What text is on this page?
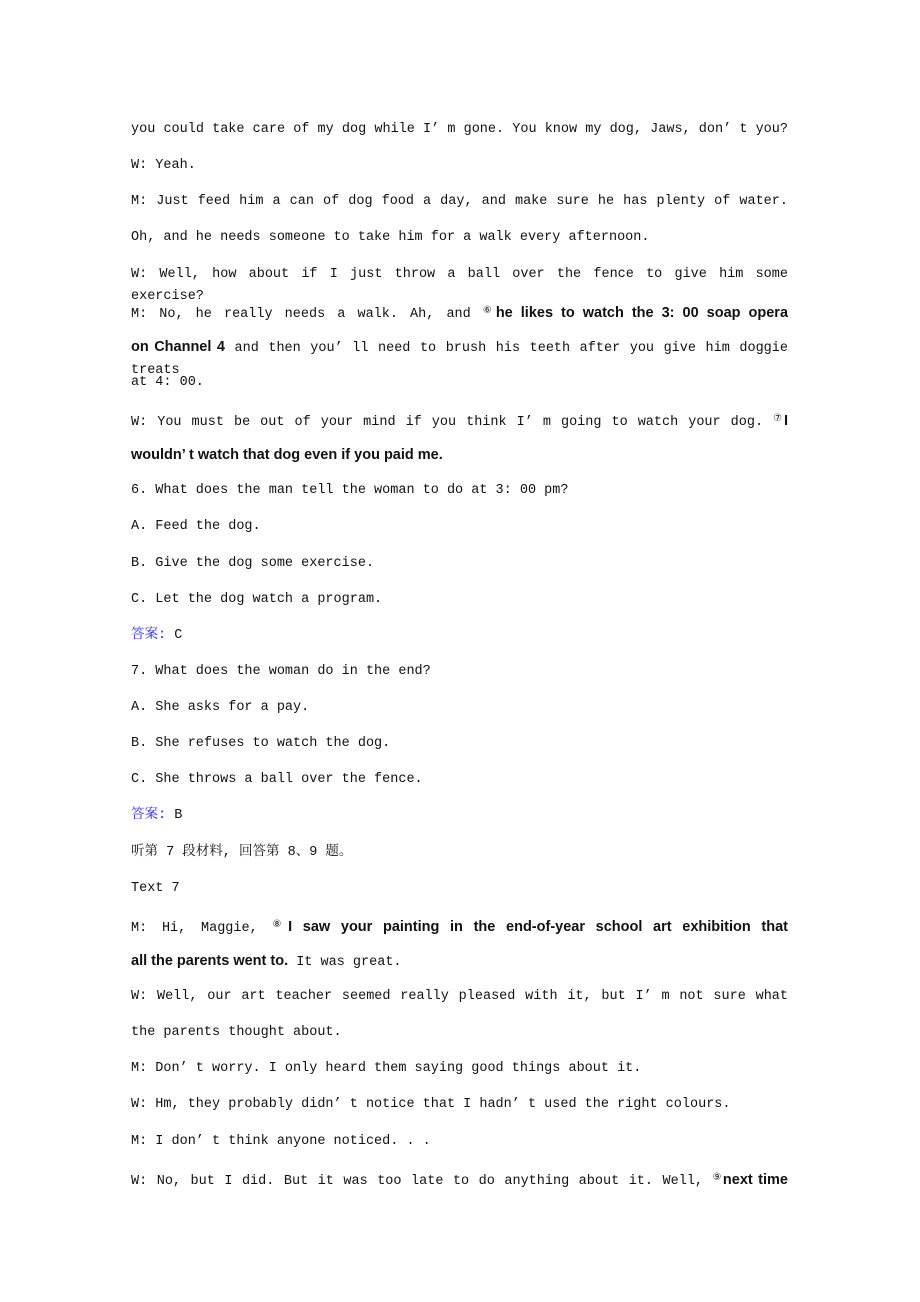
you could take care of my dog while I’ m gone. You know my dog, Jaws, don’ t you?
W: Yeah.
M: Just feed him a can of dog food a day, and make sure he has plenty of water.
Oh, and he needs someone to take him for a walk every afternoon.
W: Well, how about if I just throw a ball over the fence to give him some exercise?
M: No, he really needs a walk. Ah, and ⑥he likes to watch the 3: 00 soap opera
on Channel 4 and then you’ ll need to brush his teeth after you give him doggie treats
at 4: 00.
W: You must be out of your mind if you think I’ m going to watch your dog. ⑦I
wouldn’ t watch that dog even if you paid me.
6. What does the man tell the woman to do at 3: 00 pm?
A. Feed the dog.
B. Give the dog some exercise.
C. Let the dog watch a program.
答案: C
7. What does the woman do in the end?
A. She asks for a pay.
B. She refuses to watch the dog.
C. She throws a ball over the fence.
答案: B
听第 7 段材料, 回答第 8、9 题。
Text 7
M: Hi, Maggie, ⑧I saw your painting in the end-of-year school art exhibition that
all the parents went to. It was great.
W: Well, our art teacher seemed really pleased with it, but I’ m not sure what
the parents thought about.
M: Don’ t worry. I only heard them saying good things about it.
W: Hm, they probably didn’ t notice that I hadn’ t used the right colours.
M: I don’ t think anyone noticed. . .
W: No, but I did. But it was too late to do anything about it. Well, ⑨next time
